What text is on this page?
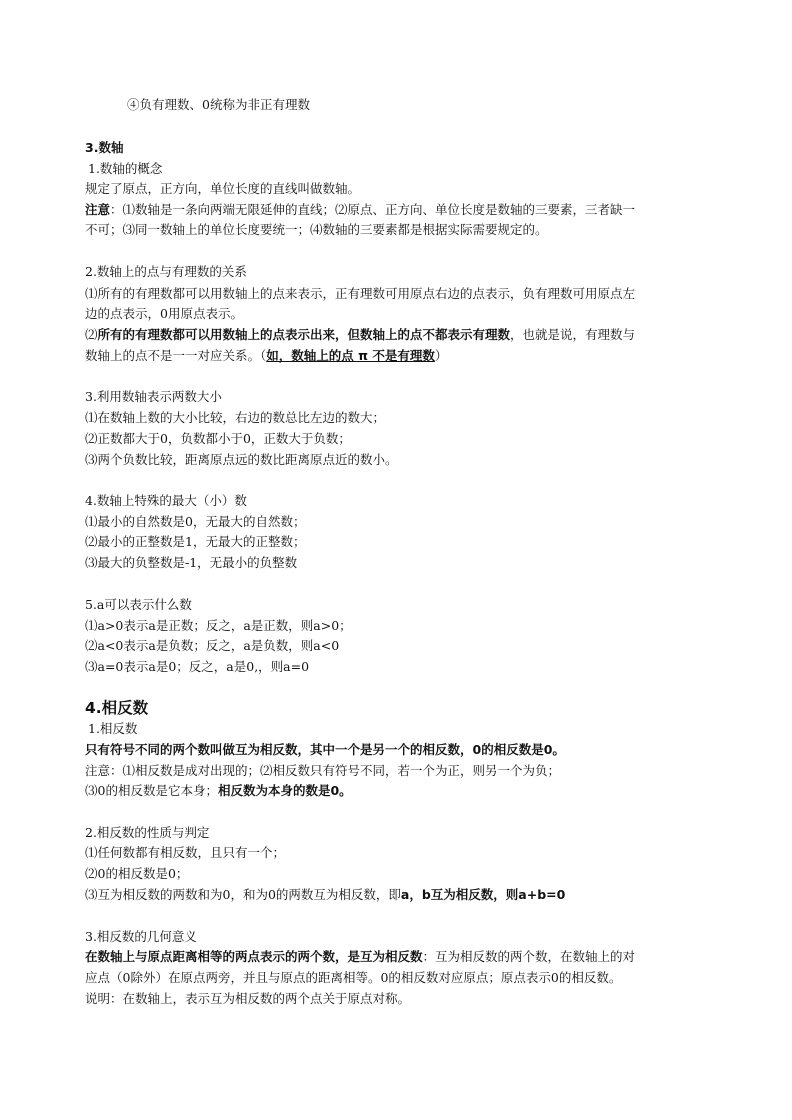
④负有理数、0统称为非正有理数
3.数轴
1.数轴的概念
规定了原点，正方向，单位长度的直线叫做数轴。
注意：⑴数轴是一条向两端无限延伸的直线；⑵原点、正方向、单位长度是数轴的三要素，三者缺一
不可；⑶同一数轴上的单位长度要统一；⑷数轴的三要素都是根据实际需要规定的。
2.数轴上的点与有理数的关系
⑴所有的有理数都可以用数轴上的点来表示，正有理数可用原点右边的点表示，负有理数可用原点左
边的点表示，0用原点表示。
⑵所有的有理数都可以用数轴上的点表示出来，但数轴上的点不都表示有理数，也就是说，有理数与
数轴上的点不是一一对应关系。（如，数轴上的点 π 不是有理数）
3.利用数轴表示两数大小
⑴在数轴上数的大小比较，右边的数总比左边的数大；
⑵正数都大于0，负数都小于0，正数大于负数；
⑶两个负数比较，距离原点远的数比距离原点近的数小。
4.数轴上特殊的最大（小）数
⑴最小的自然数是0，无最大的自然数；
⑵最小的正整数是1，无最大的正整数；
⑶最大的负整数是-1，无最小的负整数
5.a可以表示什么数
⑴a>0表示a是正数；反之，a是正数，则a>0；
⑵a<0表示a是负数；反之，a是负数，则a<0
⑶a=0表示a是0；反之，a是0,，则a=0
4.相反数
1.相反数
只有符号不同的两个数叫做互为相反数，其中一个是另一个的相反数，0的相反数是0。
注意：⑴相反数是成对出现的；⑵相反数只有符号不同，若一个为正，则另一个为负；
⑶0的相反数是它本身；相反数为本身的数是0。
2.相反数的性质与判定
⑴任何数都有相反数，且只有一个；
⑵0的相反数是0；
⑶互为相反数的两数和为0，和为0的两数互为相反数，即a，b互为相反数，则a+b=0
3.相反数的几何意义
在数轴上与原点距离相等的两点表示的两个数，是互为相反数：互为相反数的两个数，在数轴上的对
应点（0除外）在原点两旁，并且与原点的距离相等。0的相反数对应原点；原点表示0的相反数。
说明：在数轴上，表示互为相反数的两个点关于原点对称。
